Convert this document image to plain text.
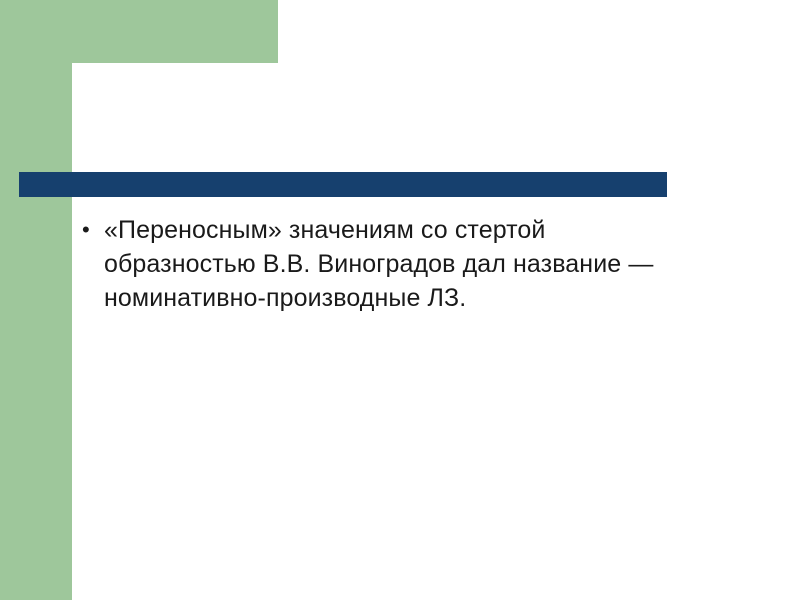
• «Переносным» значениям со стертой образностью В.В. Виноградов дал название — номинативно-производные ЛЗ.
